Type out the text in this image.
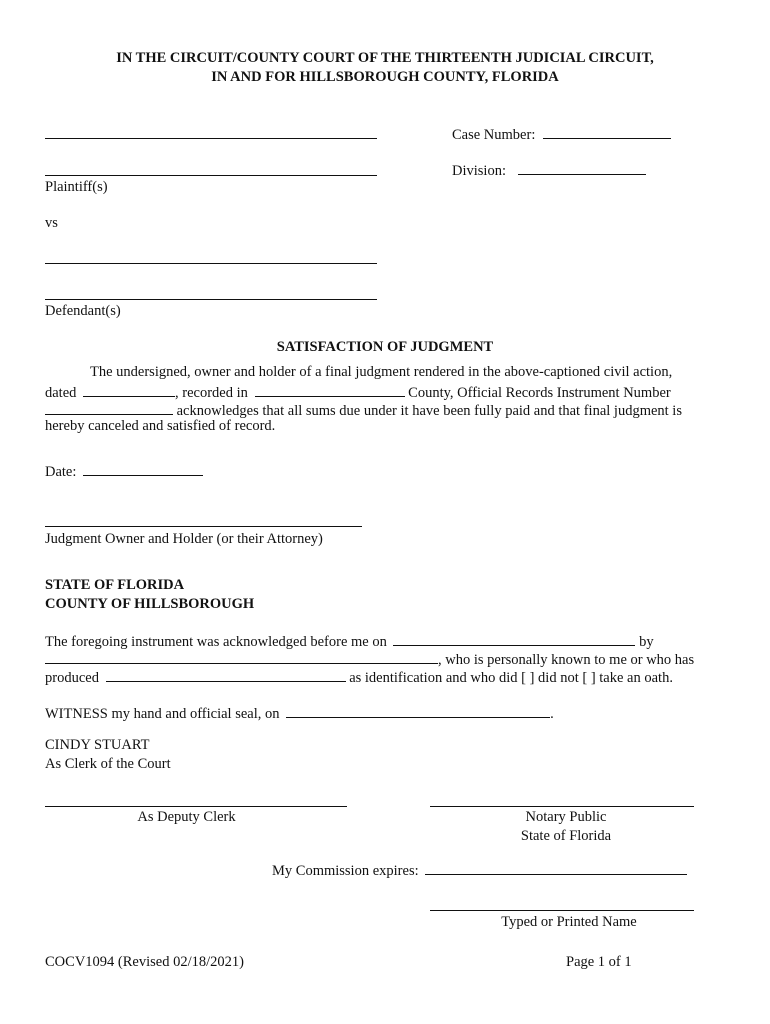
IN THE CIRCUIT/COUNTY COURT OF THE THIRTEENTH JUDICIAL CIRCUIT,
IN AND FOR HILLSBOROUGH COUNTY, FLORIDA
Case Number:
Division:
Plaintiff(s)
vs
Defendant(s)
SATISFACTION OF JUDGMENT
The undersigned, owner and holder of a final judgment rendered in the above-captioned civil action,
dated	, recorded in	County, Official Records Instrument Number
acknowledges that all sums due under it have been fully paid and that final judgment is
hereby canceled and satisfied of record.
Date:
Judgment Owner and Holder (or their Attorney)
STATE OF FLORIDA
COUNTY OF HILLSBOROUGH
The foregoing instrument was acknowledged before me on	by
, who is personally known to me or who has
produced	as identification and who did [ ] did not [ ] take an oath.
WITNESS my hand and official seal, on	.
CINDY STUART
As Clerk of the Court
As Deputy Clerk	Notary Public
State of Florida
My Commission expires:
Typed or Printed Name
COCV1094 (Revised 02/18/2021)	Page 1 of 1
